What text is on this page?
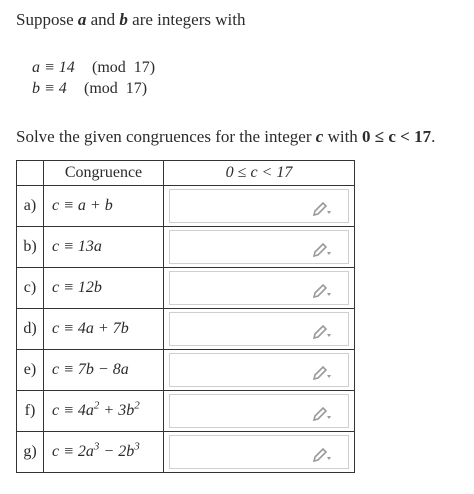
Suppose a and b are integers with
a ≡ 14 (mod  17)
b ≡ 4 (mod  17)
Solve the given congruences for the integer c with 0 ≤ c < 17.
	Congruence	0 ≤ c < 17
a)	c ≡ a + b	

b)	c ≡ 13a	

c)	c ≡ 12b	

d)	c ≡ 4a + 7b	

e)	c ≡ 7b − 8a	

f)	$c \equiv 4a^2 + 3b^2$	

g)	$c \equiv 2a^3 - 2b^3$	
